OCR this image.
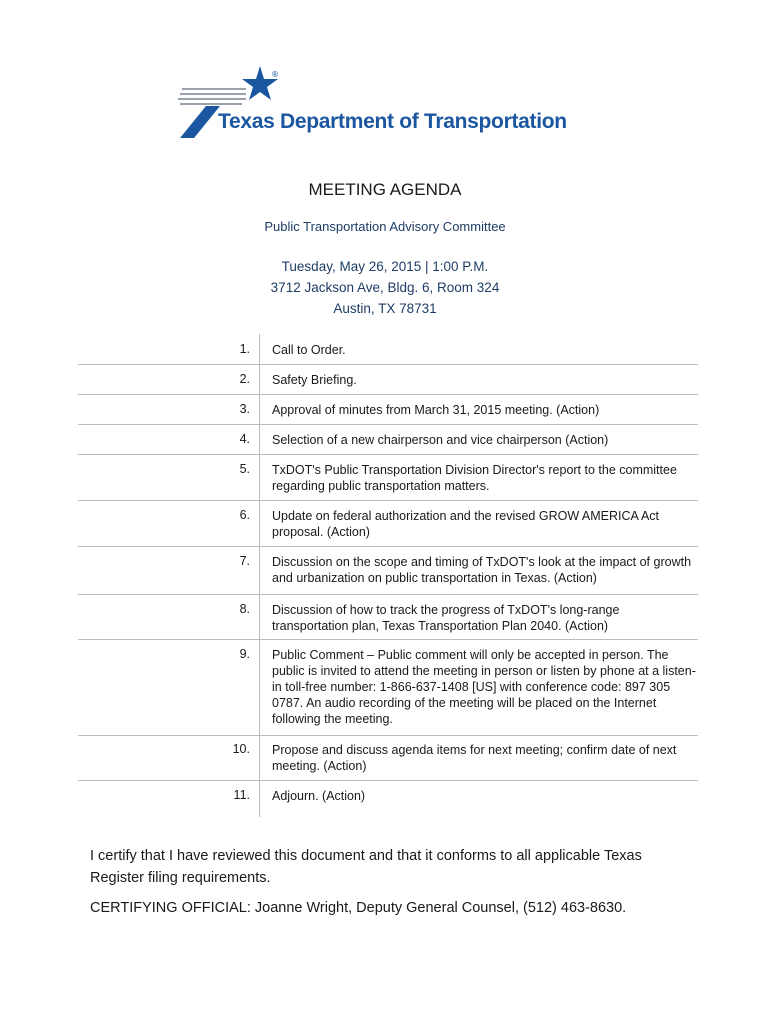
®
Texas Department of Transportation
MEETING AGENDA
Public Transportation Advisory Committee
Tuesday, May 26, 2015 | 1:00 P.M.
3712 Jackson Ave, Bldg. 6, Room 324
Austin, TX 78731
1. Call to Order.
2. Safety Briefing.
3. Approval of minutes from March 31, 2015 meeting. (Action)
4. Selection of a new chairperson and vice chairperson (Action)
5. TxDOT's Public Transportation Division Director's report to the committee regarding public transportation matters.
6. Update on federal authorization and the revised GROW AMERICA Act proposal. (Action)
7. Discussion on the scope and timing of TxDOT's look at the impact of growth and urbanization on public transportation in Texas. (Action)
8. Discussion of how to track the progress of TxDOT's long-range transportation plan, Texas Transportation Plan 2040. (Action)
9. Public Comment – Public comment will only be accepted in person. The public is invited to attend the meeting in person or listen by phone at a listen-in toll-free number: 1-866-637-1408 [US] with conference code: 897 305 0787. An audio recording of the meeting will be placed on the Internet following the meeting.
10. Propose and discuss agenda items for next meeting; confirm date of next meeting. (Action)
11. Adjourn. (Action)
I certify that I have reviewed this document and that it conforms to all applicable Texas Register filing requirements.
CERTIFYING OFFICIAL: Joanne Wright, Deputy General Counsel, (512) 463-8630.
